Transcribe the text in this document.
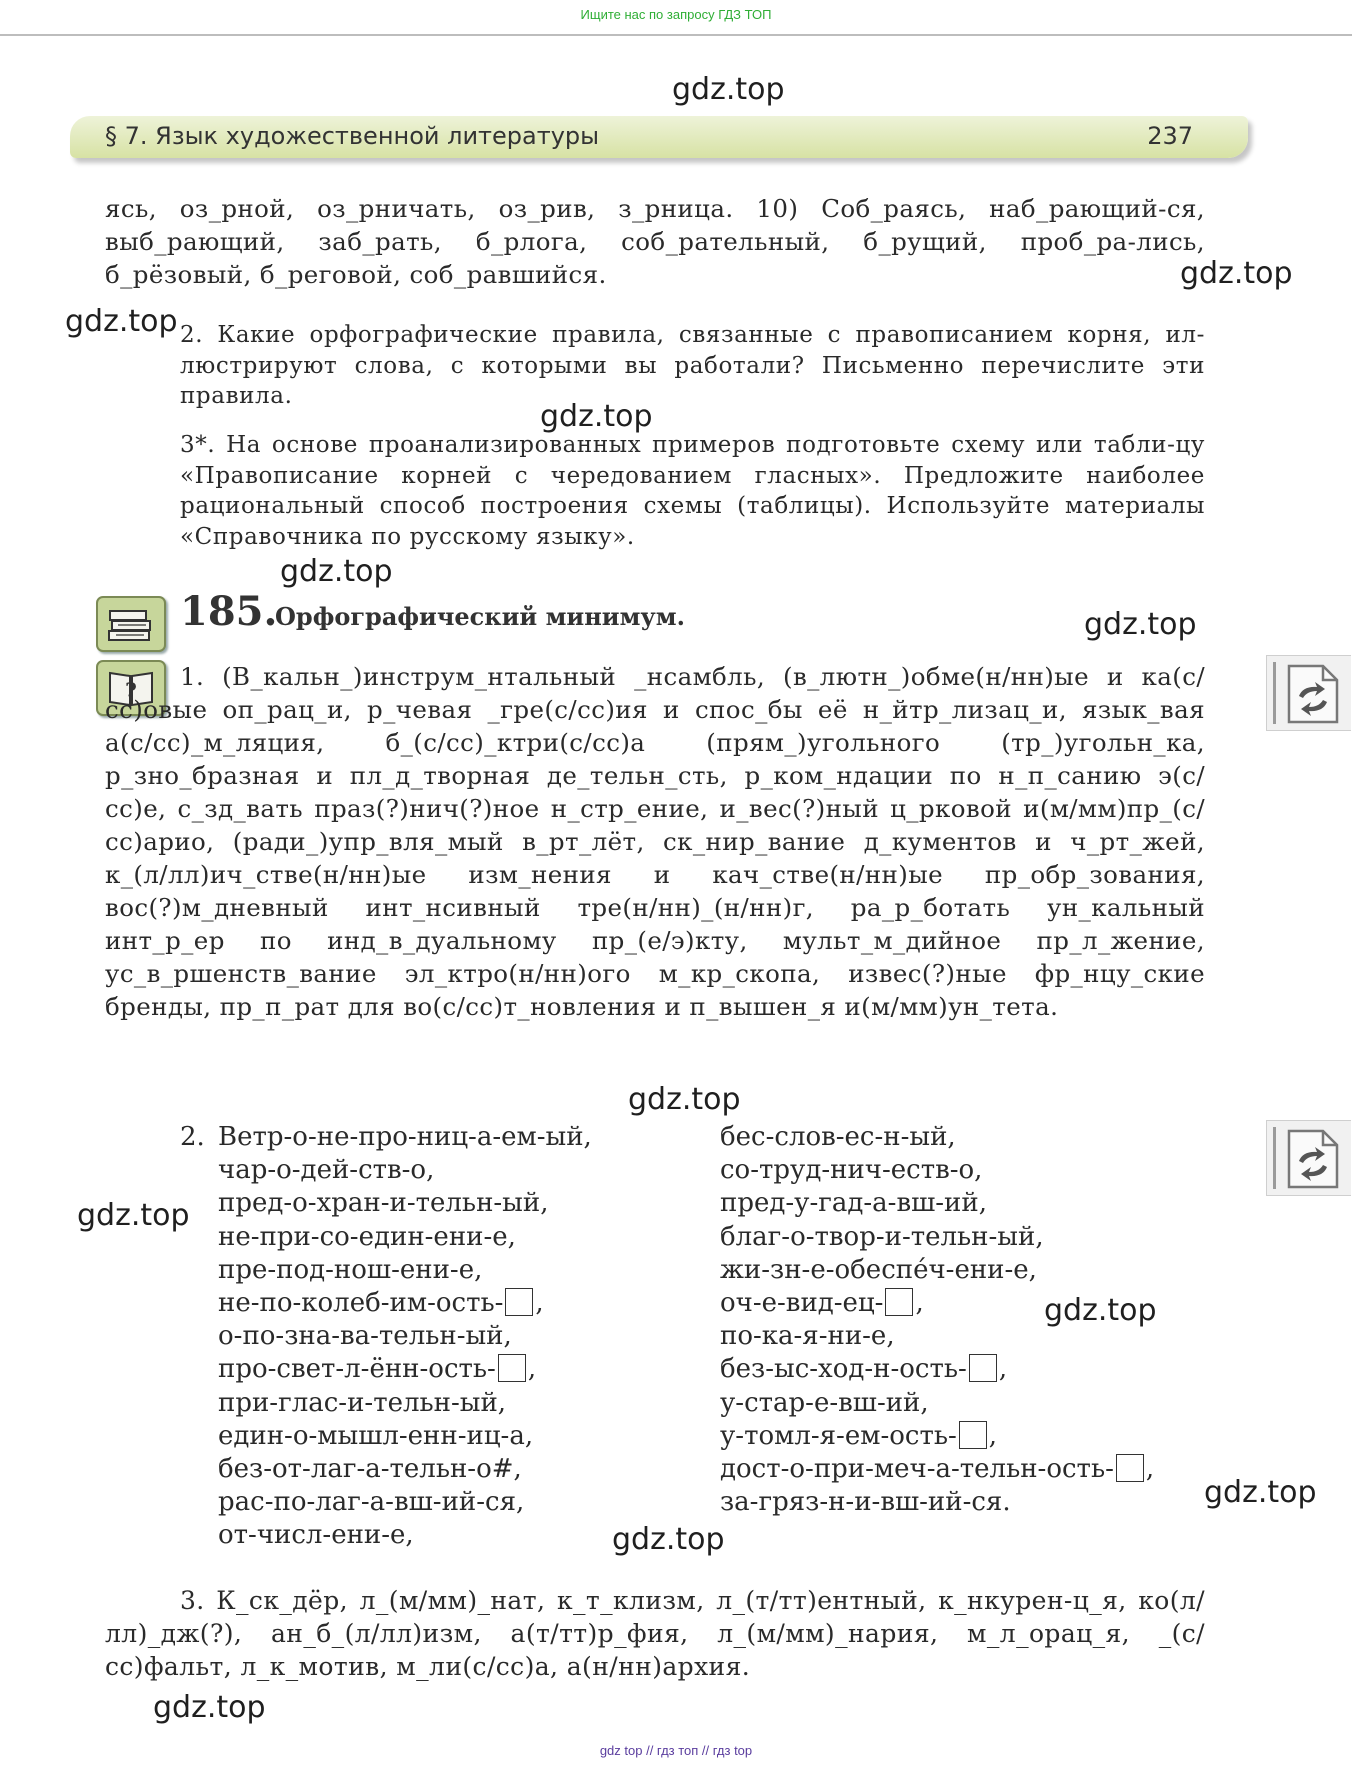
Ищите нас по запросу ГДЗ ТОП
§ 7. Язык художественной литературы	237
ясь, оз_рной, оз_рничать, оз_рив, з_рница. 10) Соб_раясь, наб_рающий-ся, выб_рающий, заб_рать, б_рлога, соб_рательный, б_рущий, проб_ра-лись, б_рёзовый, б_реговой, соб_равшийся.
2. Какие орфографические правила, связанные с правописанием корня, ил-люстрируют слова, с которыми вы работали? Письменно перечислите эти правила.
3*. На основе проанализированных примеров подготовьте схему или табли-цу «Правописание корней с чередованием гласных». Предложите наиболее рациональный способ построения схемы (таблицы). Используйте материалы «Справочника по русскому языку».
185.
Орфографический минимум.
?	1. (В_кальн_)инструм_нтальный _нсамбль, (в_лютн_)обме(н/нн)ые и ка(с/сс)овые оп_рац_и, р_чевая _гре(с/сс)ия и спос_бы её н_йтр_лизац_и, язык_вая а(с/сс)_м_ляция, б_(с/сс)_ктри(с/сс)а (прям_)угольного (тр_)угольн_ка, р_зно_бразная и пл_д_творная де_тельн_сть, р_ком_ндации по н_п_санию э(с/сс)е, с_зд_вать праз(?)нич(?)ное н_стр_ение, и_вес(?)ный ц_рковой и(м/мм)пр_(с/сс)арио, (ради_)упр_вля_мый в_рт_лёт, ск_нир_вание д_кументов и ч_рт_жей, к_(л/лл)ич_стве(н/нн)ые изм_нения и кач_стве(н/нн)ые пр_обр_зования, вос(?)м_дневный инт_нсивный тре(н/нн)_(н/нн)г, ра_р_ботать ун_кальный инт_р_ер по инд_в_дуальному пр_(е/э)кту, мульт_м_дийное пр_л_жение, ус_в_ршенств_вание эл_ктро(н/нн)ого м_кр_скопа, извес(?)ные фр_нцу_ские бренды, пр_п_рат для во(с/сс)т_новления и п_вышен_я и(м/мм)ун_тета.
2. Ветр-о-не-про-ниц-а-ем-ый,
чар-о-дей-ств-о,
пред-о-хран-и-тельн-ый,
не-при-со-един-ени-е,
пре-под-нош-ени-е,
не-по-колеб-им-ость- ,
о-по-зна-ва-тельн-ый,
про-свет-л-ённ-ость- ,
при-глас-и-тельн-ый,
един-о-мышл-енн-иц-а,
без-от-лаг-а-тельн-о#,
рас-по-лаг-а-вш-ий-ся,
от-числ-ени-е,
бес-слов-ес-н-ый,
со-труд-нич-еств-о,
пред-у-гад-а-вш-ий,
благ-о-твор-и-тельн-ый,
жи-зн-е-обеспе́ч-ени-е,
оч-е-вид-ец- ,
по-ка-я-ни-е,
без-ыс-ход-н-ость- ,
у-стар-е-вш-ий,
у-томл-я-ем-ость- ,
дост-о-при-меч-а-тельн-ость- ,
за-гряз-н-и-вш-ий-ся.
3. К_ск_дёр, л_(м/мм)_нат, к_т_клизм, л_(т/тт)ентный, к_нкурен-ц_я, ко(л/лл)_дж(?), ан_б_(л/лл)изм, а(т/тт)р_фия, л_(м/мм)_нария, м_л_орац_я, _(с/сс)фальт, л_к_мотив, м_ли(с/сс)а, а(н/нн)архия.
gdz.top
gdz.top
gdz.top
gdz.top
gdz.top
gdz.top
gdz.top
gdz.top
gdz.top
gdz.top
gdz.top
gdz.top
gdz top // гдз топ // гдз top
